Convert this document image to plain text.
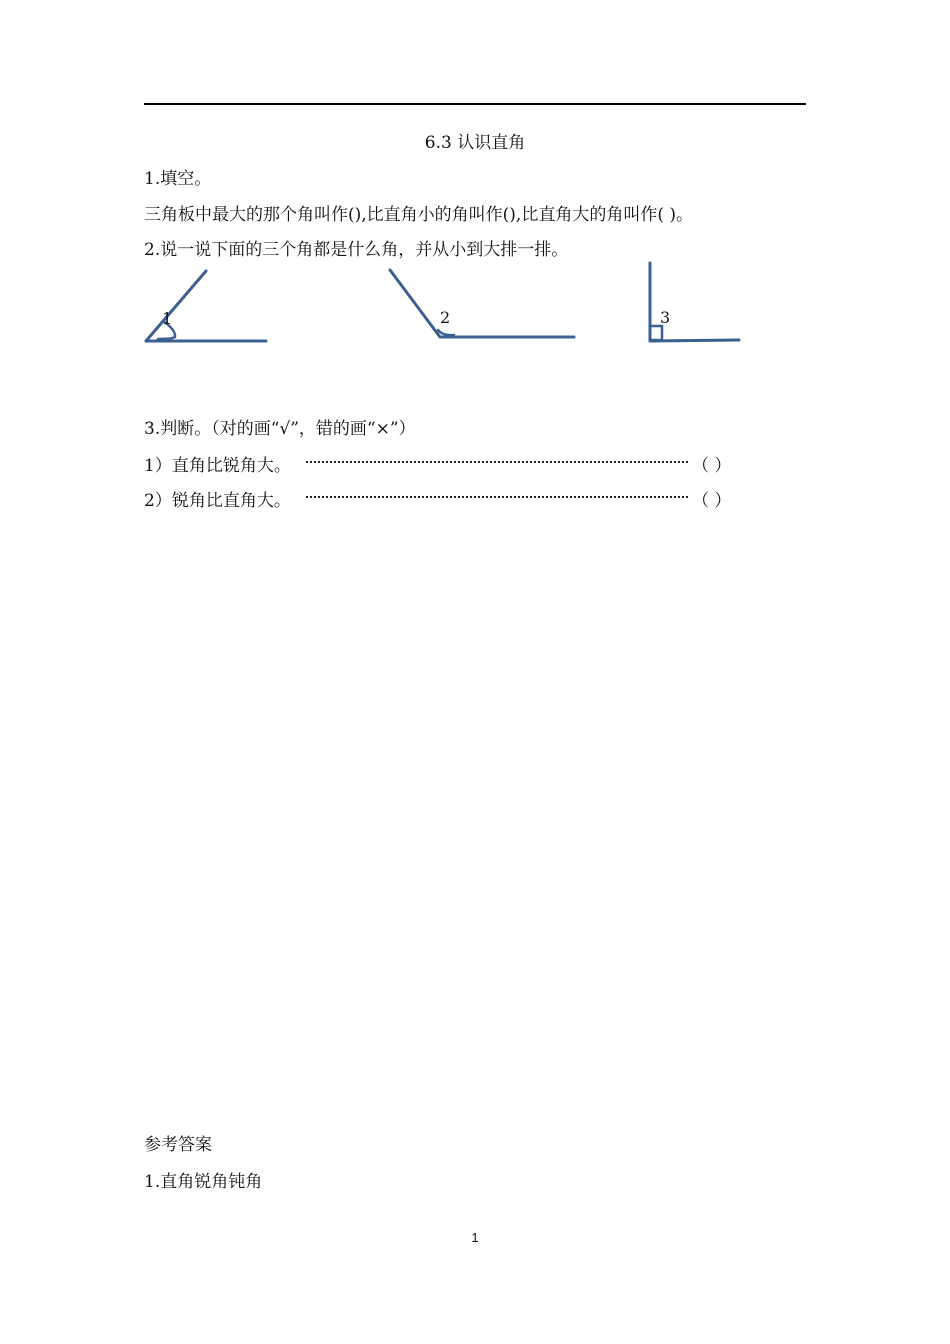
6.3 认识直角
1.填空。
三角板中最大的那个角叫作(),比直角小的角叫作(),比直角大的角叫作( )。
2.说一说下面的三个角都是什么角，并从小到大排一排。
1	2	3
3.判断。（对的画“√”，错的画“×”）
1）直角比锐角大。	（ ）
2）锐角比直角大。	（ ）
参考答案
1.直角锐角钝角
1
